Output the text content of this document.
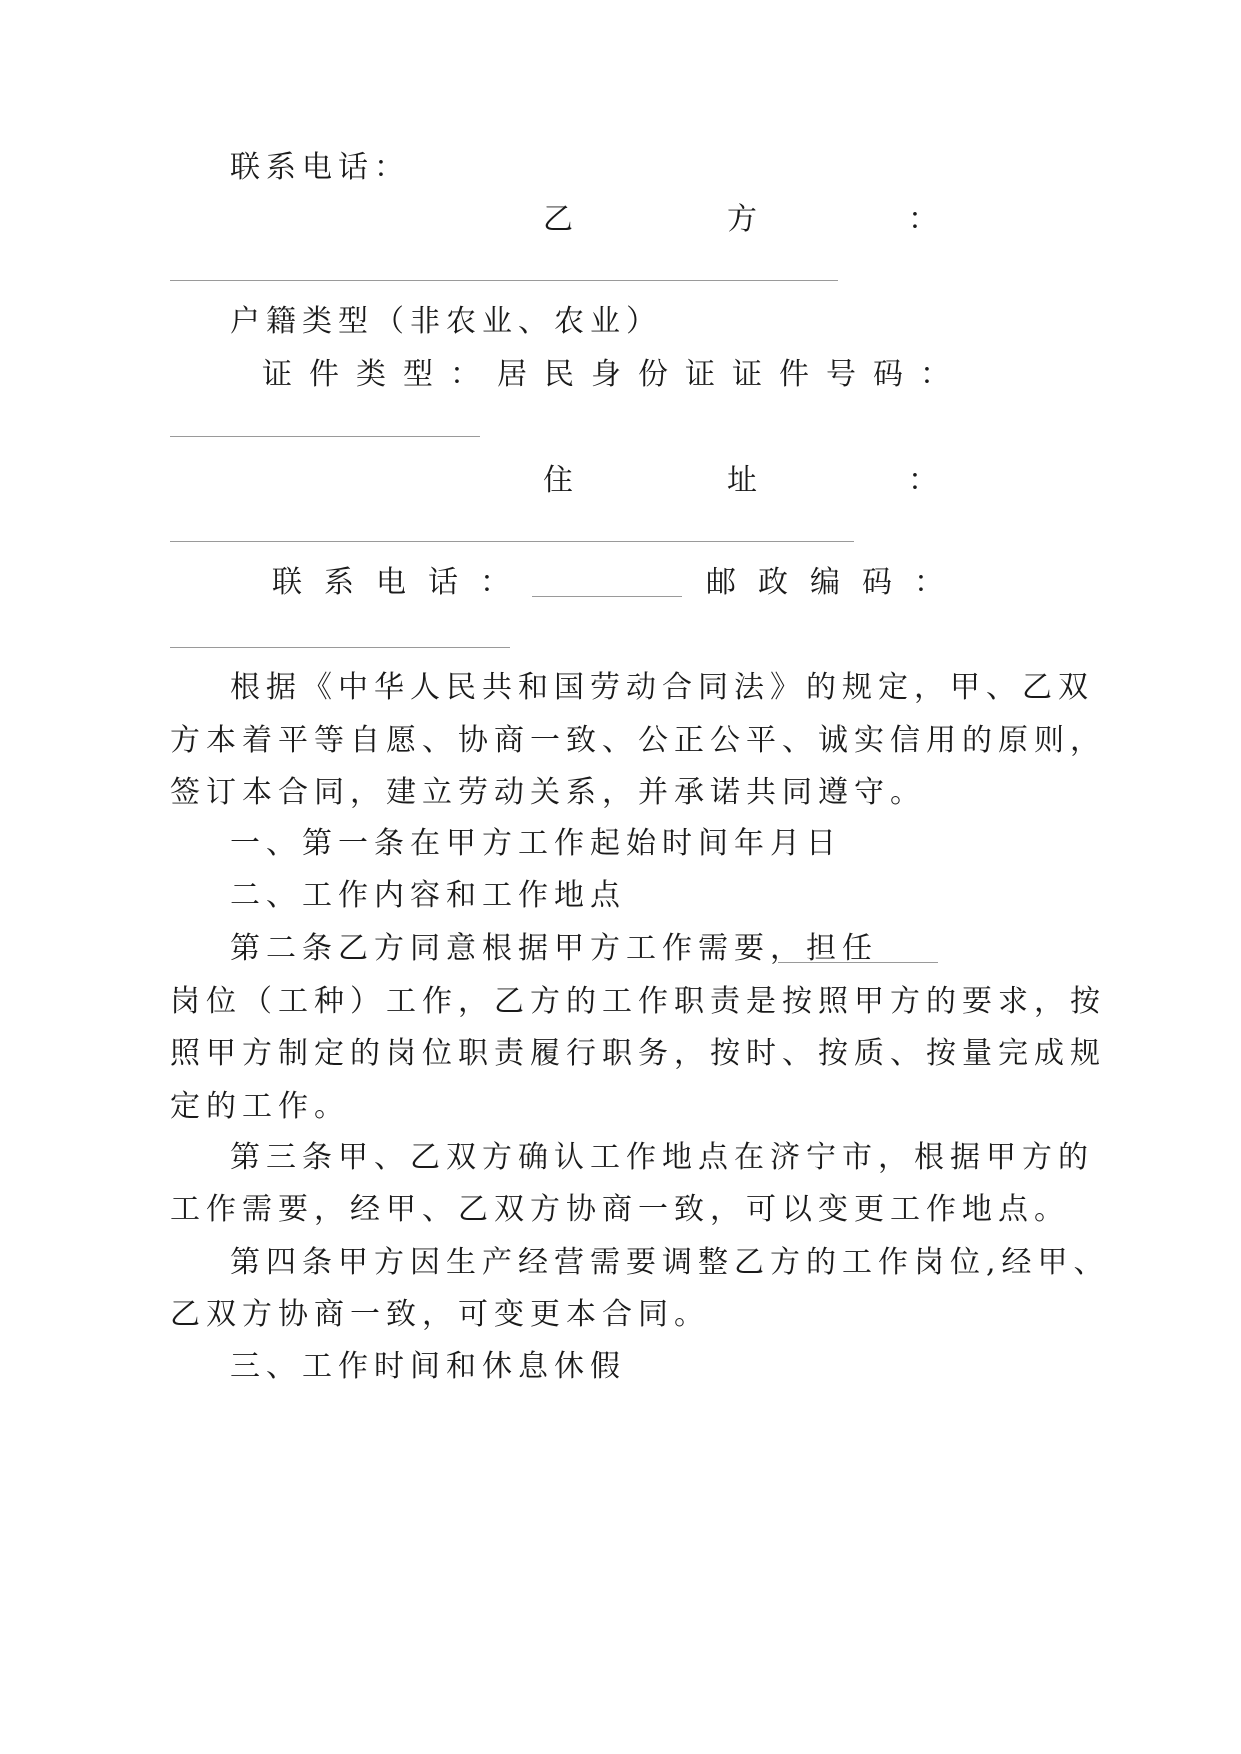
联系电话：
乙	方	：
户籍类型（非农业、农业）
证件类型：居民身份证证件号码：
住	址	：
联系电话：	邮政编码：
根据《中华人民共和国劳动合同法》的规定，甲、乙双
方本着平等自愿、协商一致、公正公平、诚实信用的原则，
签订本合同，建立劳动关系，并承诺共同遵守。
一、第一条在甲方工作起始时间年月日
二、工作内容和工作地点
第二条乙方同意根据甲方工作需要，担任
岗位（工种）工作，乙方的工作职责是按照甲方的要求，按
照甲方制定的岗位职责履行职务，按时、按质、按量完成规
定的工作。
第三条甲、乙双方确认工作地点在济宁市，根据甲方的
工作需要，经甲、乙双方协商一致，可以变更工作地点。
第四条甲方因生产经营需要调整乙方的工作岗位,经甲、
乙双方协商一致，可变更本合同。
三、工作时间和休息休假
